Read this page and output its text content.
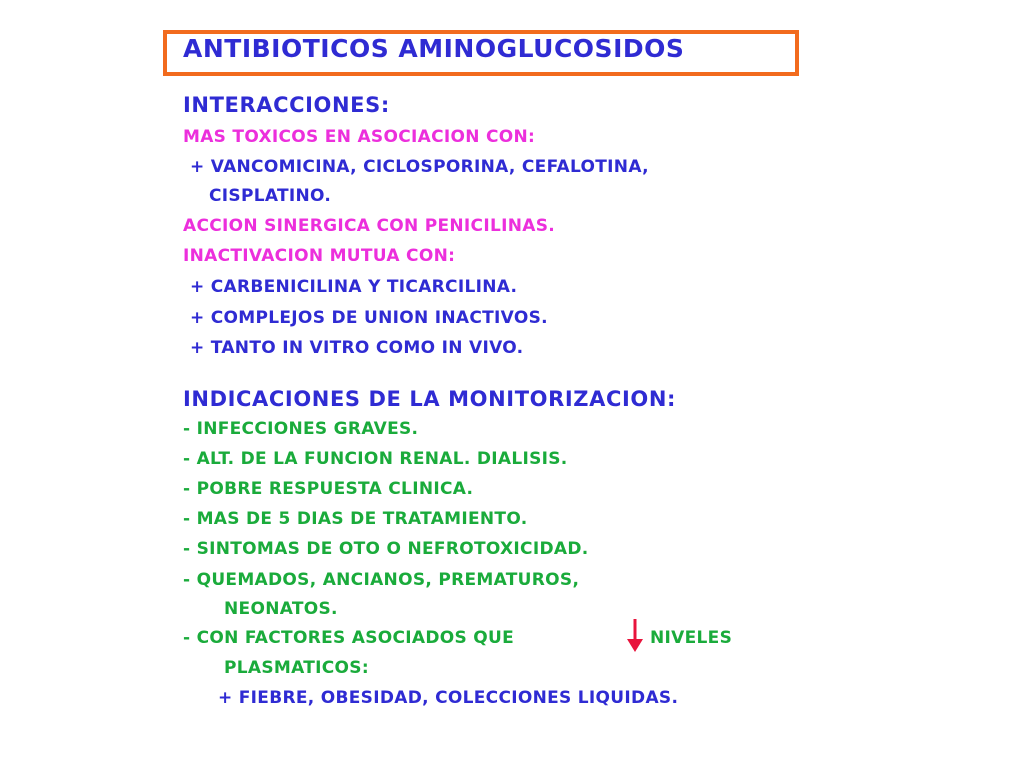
ANTIBIOTICOS AMINOGLUCOSIDOS
INTERACCIONES:
MAS TOXICOS EN ASOCIACION CON:
+ VANCOMICINA, CICLOSPORINA, CEFALOTINA,
CISPLATINO.
ACCION SINERGICA CON PENICILINAS.
INACTIVACION MUTUA CON:
+ CARBENICILINA Y TICARCILINA.
+ COMPLEJOS DE UNION INACTIVOS.
+ TANTO IN VITRO COMO IN VIVO.
INDICACIONES DE LA MONITORIZACION:
- INFECCIONES GRAVES.
- ALT. DE LA FUNCION RENAL. DIALISIS.
- POBRE RESPUESTA CLINICA.
- MAS DE 5 DIAS DE TRATAMIENTO.
- SINTOMAS DE OTO O NEFROTOXICIDAD.
- QUEMADOS, ANCIANOS, PREMATUROS,
NEONATOS.
- CON FACTORES ASOCIADOS QUE	NIVELES
PLASMATICOS:
+ FIEBRE, OBESIDAD, COLECCIONES LIQUIDAS.
